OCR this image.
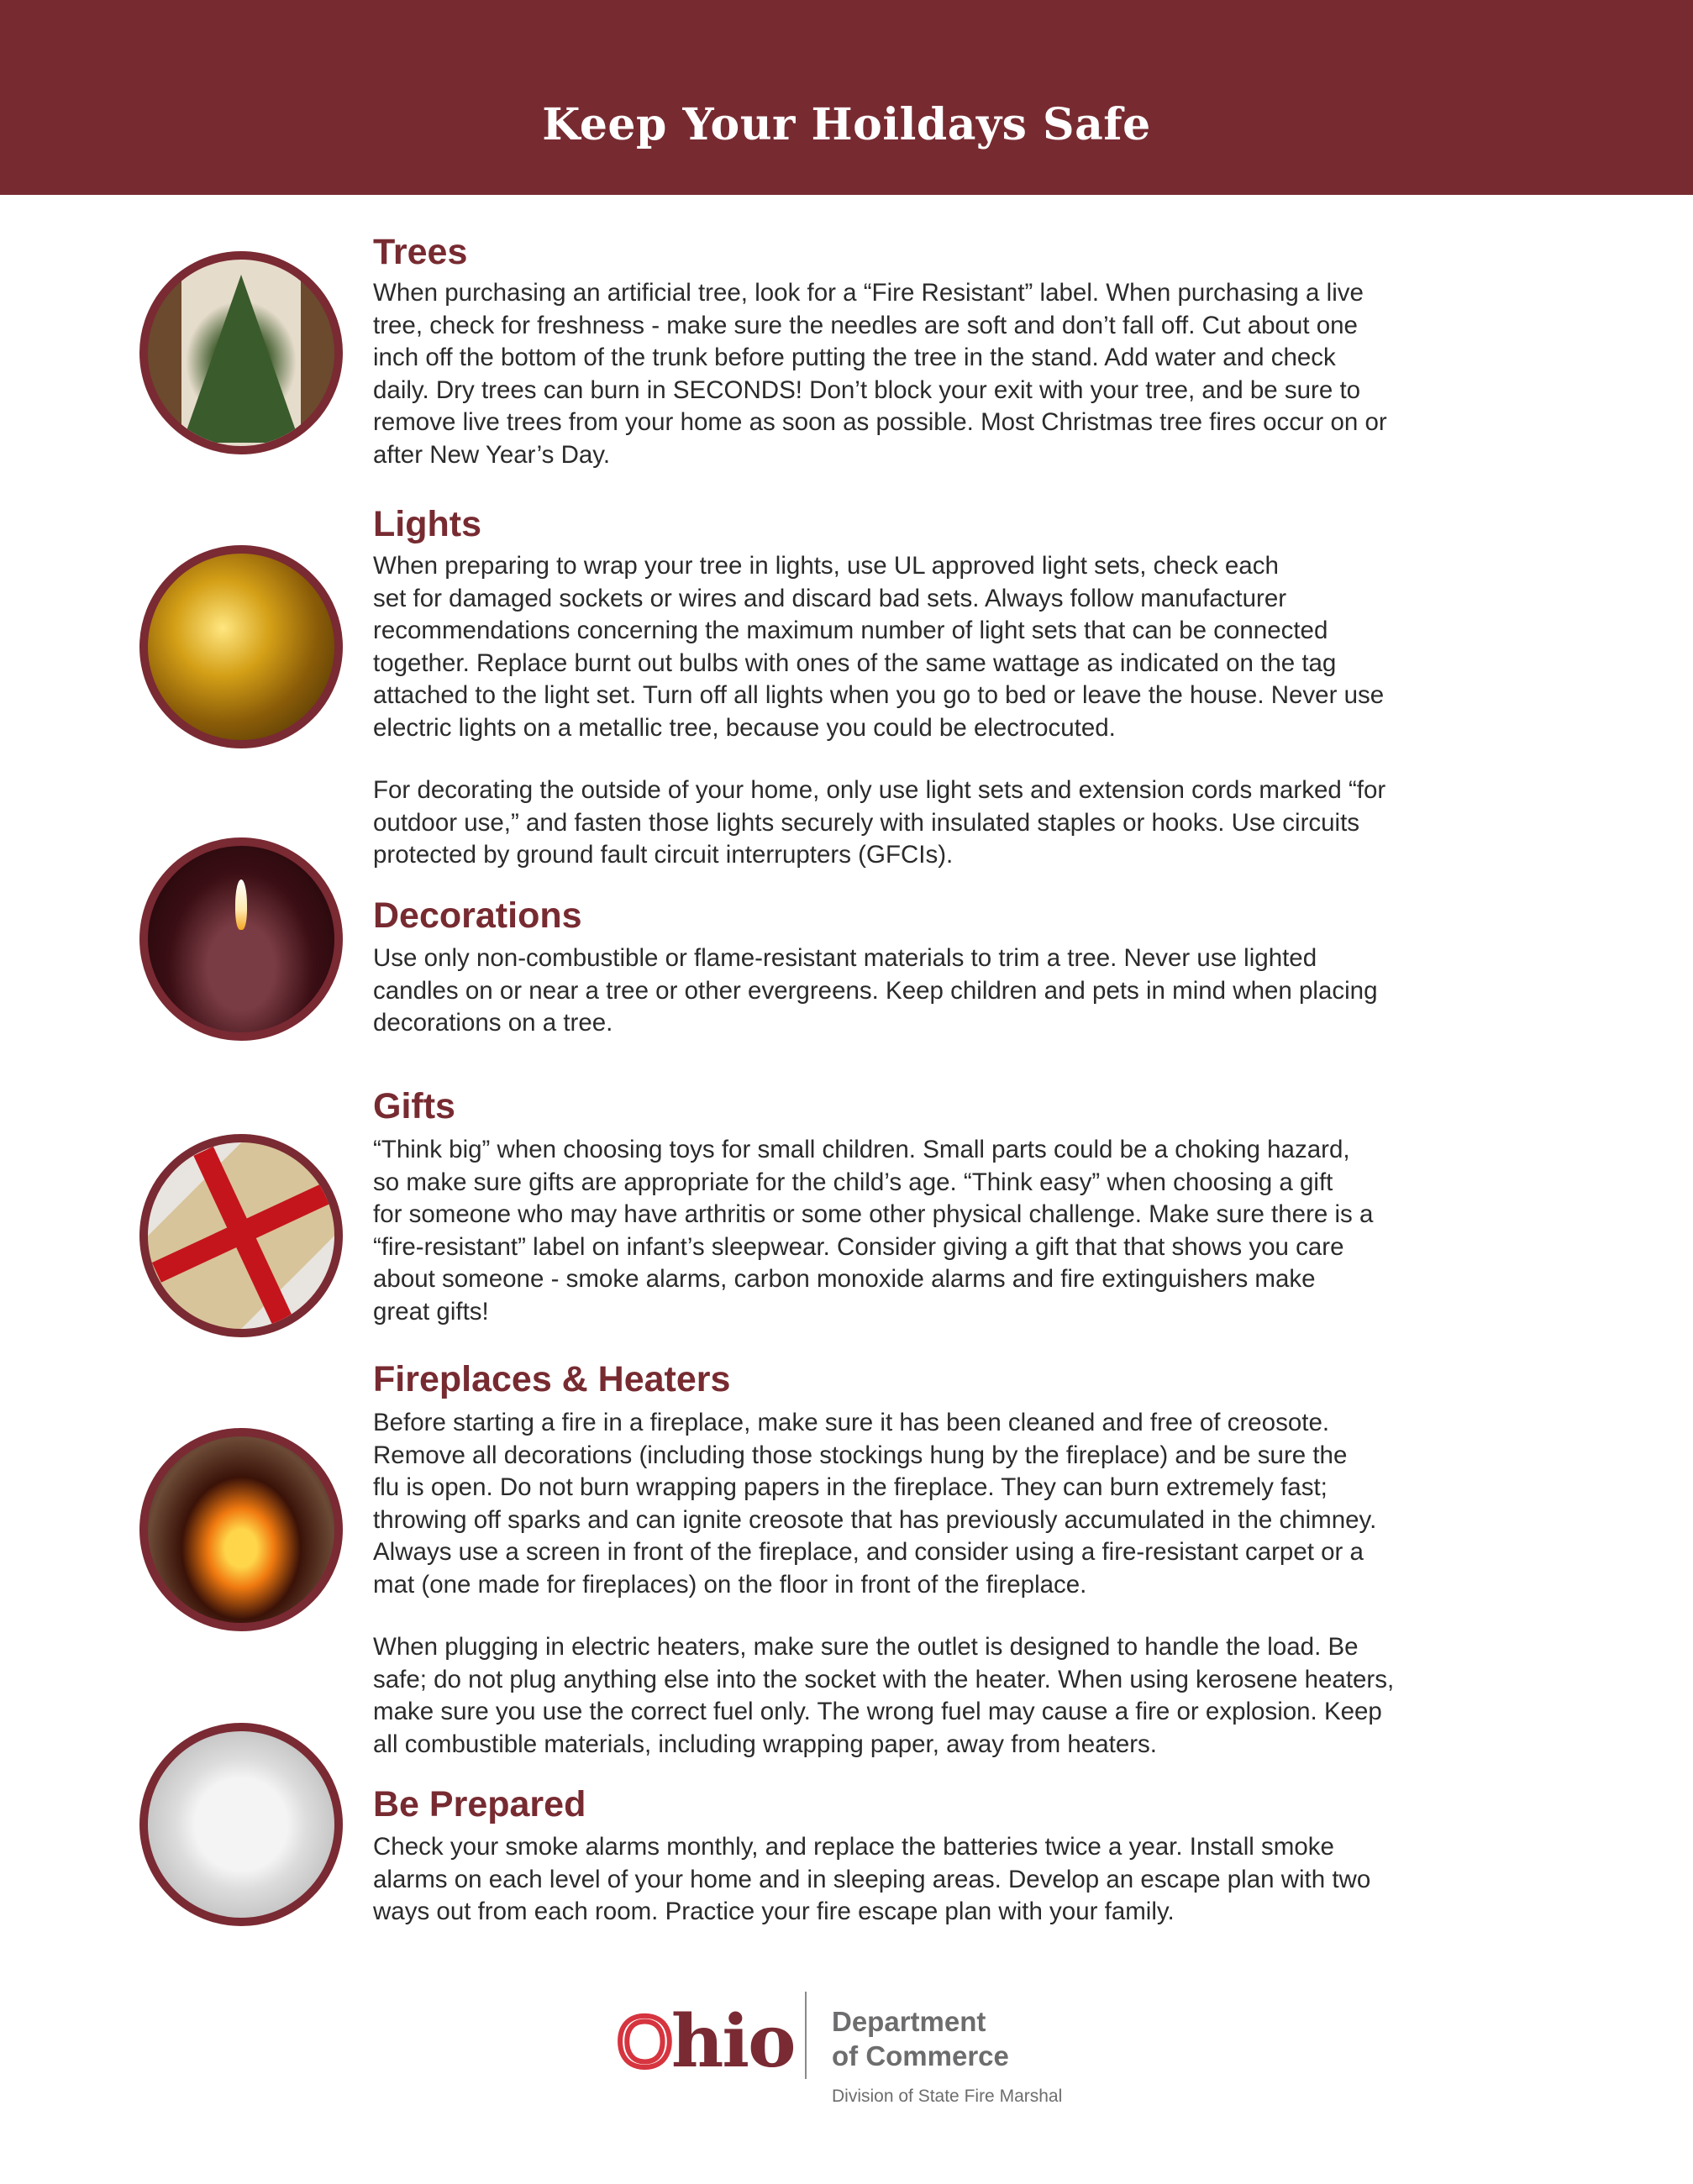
Keep Your Hoildays Safe
Trees
When purchasing an artificial tree, look for a “Fire Resistant” label. When purchasing a live
tree, check for freshness - make sure the needles are soft and don’t fall off. Cut about one
inch off the bottom of the trunk before putting the tree in the stand. Add water and check
daily. Dry trees can burn in SECONDS! Don’t block your exit with your tree, and be sure to
remove live trees from your home as soon as possible. Most Christmas tree fires occur on or
after New Year’s Day.
Lights
When preparing to wrap your tree in lights, use UL approved light sets, check each
set for damaged sockets or wires and discard bad sets. Always follow manufacturer
recommendations concerning the maximum number of light sets that can be connected
together. Replace burnt out bulbs with ones of the same wattage as indicated on the tag
attached to the light set. Turn off all lights when you go to bed or leave the house. Never use
electric lights on a metallic tree, because you could be electrocuted.
For decorating the outside of your home, only use light sets and extension cords marked “for
outdoor use,” and fasten those lights securely with insulated staples or hooks. Use circuits
protected by ground fault circuit interrupters (GFCIs).
Decorations
Use only non-combustible or flame-resistant materials to trim a tree. Never use lighted
candles on or near a tree or other evergreens. Keep children and pets in mind when placing
decorations on a tree.
Gifts
“Think big” when choosing toys for small children. Small parts could be a choking hazard,
so make sure gifts are appropriate for the child’s age. “Think easy” when choosing a gift
for someone who may have arthritis or some other physical challenge. Make sure there is a
“fire-resistant” label on infant’s sleepwear. Consider giving a gift that that shows you care
about someone - smoke alarms, carbon monoxide alarms and fire extinguishers make
great gifts!
Fireplaces & Heaters
Before starting a fire in a fireplace, make sure it has been cleaned and free of creosote.
Remove all decorations (including those stockings hung by the fireplace) and be sure the
flu is open. Do not burn wrapping papers in the fireplace. They can burn extremely fast;
throwing off sparks and can ignite creosote that has previously accumulated in the chimney.
Always use a screen in front of the fireplace, and consider using a fire-resistant carpet or a
mat (one made for fireplaces) on the floor in front of the fireplace.
When plugging in electric heaters, make sure the outlet is designed to handle the load. Be
safe; do not plug anything else into the socket with the heater. When using kerosene heaters,
make sure you use the correct fuel only. The wrong fuel may cause a fire or explosion. Keep
all combustible materials, including wrapping paper, away from heaters.
Be Prepared
Check your smoke alarms monthly, and replace the batteries twice a year. Install smoke
alarms on each level of your home and in sleeping areas. Develop an escape plan with two
ways out from each room. Practice your fire escape plan with your family.
Ohio Department
of Commerce
Division of State Fire Marshal
